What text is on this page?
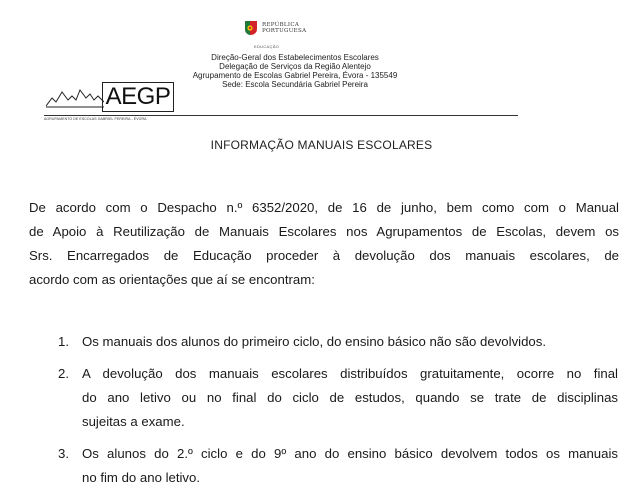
REPÚBLICA
PORTUGUESA
EDUCAÇÃO
Direção-Geral dos Estabelecimentos Escolares
Delegação de Serviços da Região Alentejo
Agrupamento de Escolas Gabriel Pereira, Évora - 135549
Sede: Escola Secundária Gabriel Pereira
AEGP
AGRUPAMENTO DE ESCOLAS GABRIEL PEREIRA - ÉVORA
INFORMAÇÃO MANUAIS ESCOLARES
De acordo com o Despacho n.º 6352/2020, de 16 de junho, bem como com o Manual
de Apoio à Reutilização de Manuais Escolares nos Agrupamentos de Escolas, devem os
Srs. Encarregados de Educação proceder à devolução dos manuais escolares, de
acordo com as orientações que aí se encontram:
1. Os manuais dos alunos do primeiro ciclo, do ensino básico não são devolvidos.
2. A devolução dos manuais escolares distribuídos gratuitamente, ocorre no final
do ano letivo ou no final do ciclo de estudos, quando se trate de disciplinas
sujeitas a exame.
3. Os alunos do 2.º ciclo e do 9º ano do ensino básico devolvem todos os manuais
no fim do ano letivo.
